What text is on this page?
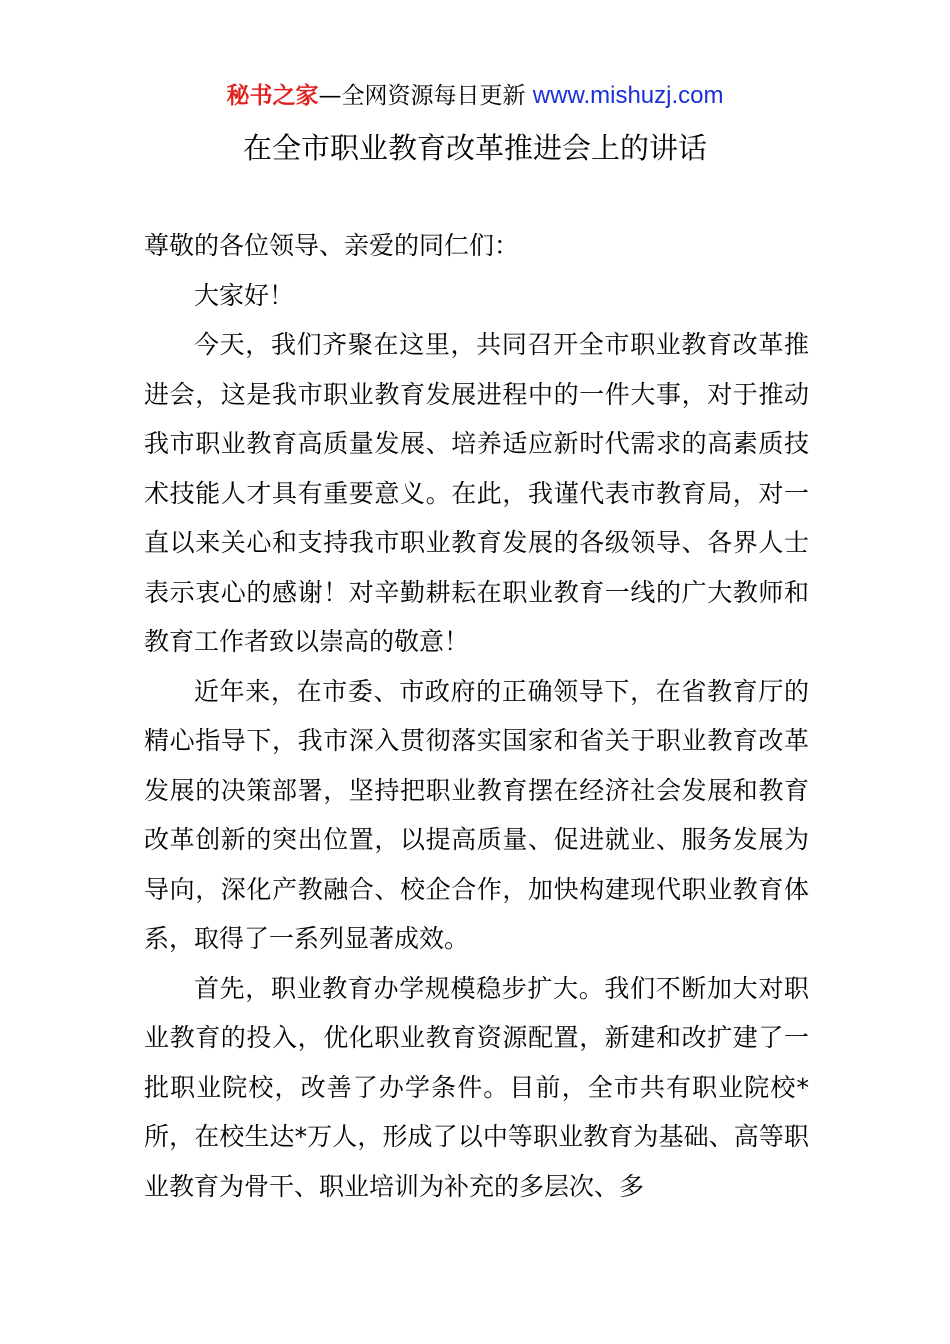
秘书之家—全网资源每日更新 www.mishuzj.com
在全市职业教育改革推进会上的讲话

尊敬的各位领导、亲爱的同仁们：

大家好！

今天，我们齐聚在这里，共同召开全市职业教育改革推进会，这是我市职业教育发展进程中的一件大事，对于推动我市职业教育高质量发展、培养适应新时代需求的高素质技术技能人才具有重要意义。在此，我谨代表市教育局，对一直以来关心和支持我市职业教育发展的各级领导、各界人士表示衷心的感谢！对辛勤耕耘在职业教育一线的广大教师和教育工作者致以崇高的敬意！

近年来，在市委、市政府的正确领导下，在省教育厅的精心指导下，我市深入贯彻落实国家和省关于职业教育改革发展的决策部署，坚持把职业教育摆在经济社会发展和教育改革创新的突出位置，以提高质量、促进就业、服务发展为导向，深化产教融合、校企合作，加快构建现代职业教育体系，取得了一系列显著成效。

首先，职业教育办学规模稳步扩大。我们不断加大对职业教育的投入，优化职业教育资源配置，新建和改扩建了一批职业院校，改善了办学条件。目前，全市共有职业院校*所，在校生达*万人，形成了以中等职业教育为基础、高等职业教育为骨干、职业培训为补充的多层次、多
